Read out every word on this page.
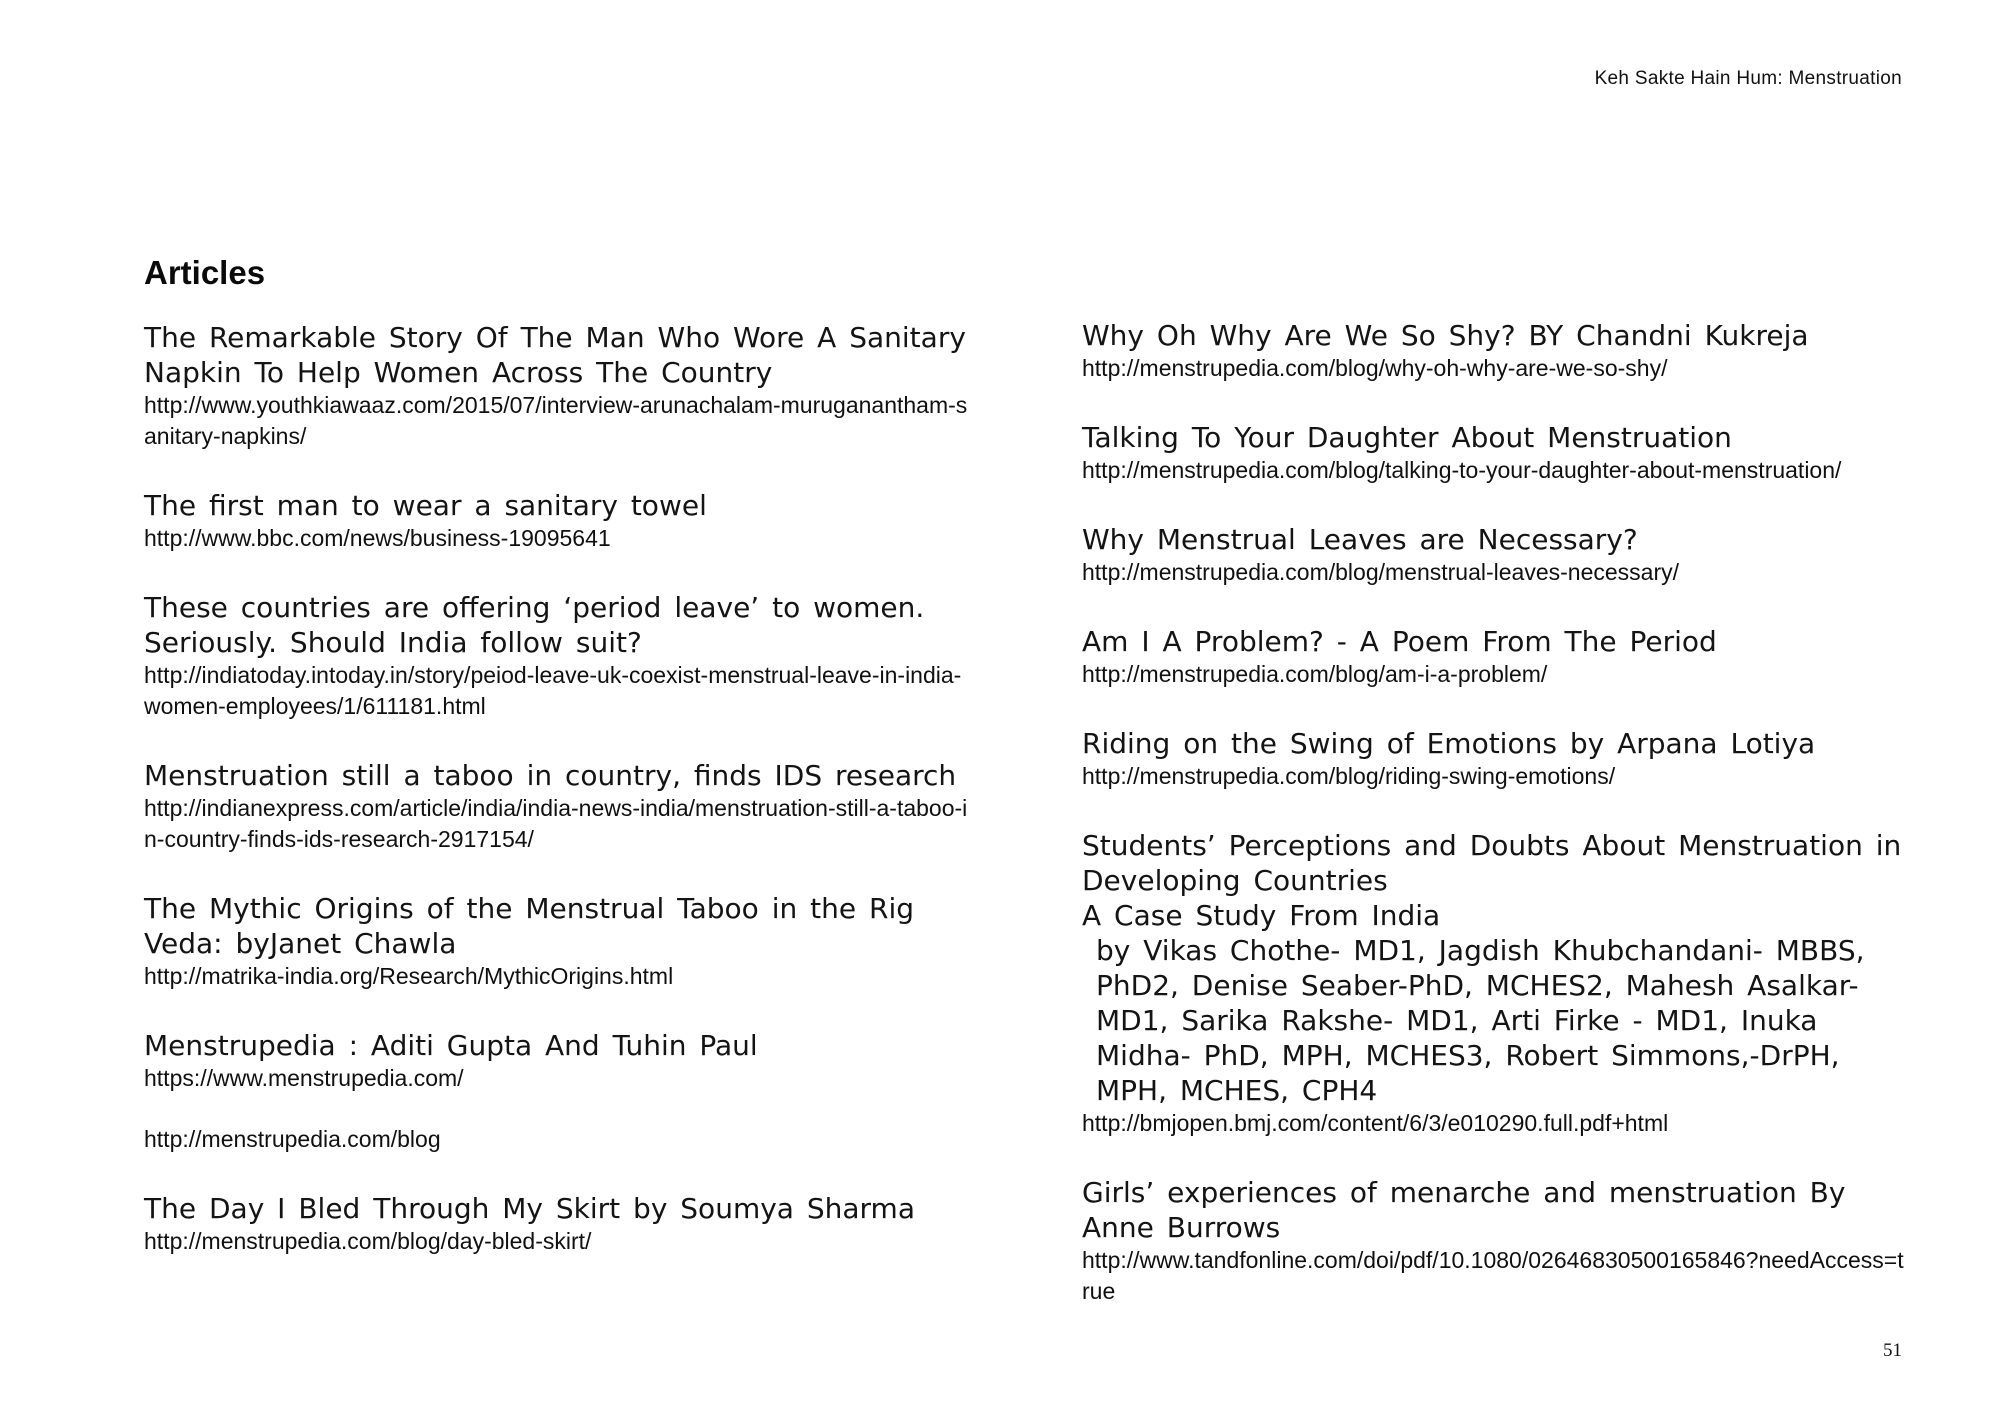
Keh Sakte Hain Hum: Menstruation
Articles
The Remarkable Story Of The Man Who Wore A Sanitary Napkin To Help Women Across The Country
http://www.youthkiawaaz.com/2015/07/interview-arunachalam-muruganantham-sanitary-napkins/
The first man to wear a sanitary towel
http://www.bbc.com/news/business-19095641
These countries are offering ‘period leave’ to women. Seriously. Should India follow suit?
http://indiatoday.intoday.in/story/peiod-leave-uk-coexist-menstrual-leave-in-india-women-employees/1/611181.html
Menstruation still a taboo in country, finds IDS research
http://indianexpress.com/article/india/india-news-india/menstruation-still-a-taboo-in-country-finds-ids-research-2917154/
The Mythic Origins of the Menstrual Taboo in the Rig Veda: byJanet Chawla
http://matrika-india.org/Research/MythicOrigins.html
Menstrupedia : Aditi Gupta And Tuhin Paul
https://www.menstrupedia.com/
http://menstrupedia.com/blog
The Day I Bled Through My Skirt by Soumya Sharma
http://menstrupedia.com/blog/day-bled-skirt/
Why Oh Why Are We So Shy? BY Chandni Kukreja
http://menstrupedia.com/blog/why-oh-why-are-we-so-shy/
Talking To Your Daughter About Menstruation
http://menstrupedia.com/blog/talking-to-your-daughter-about-menstruation/
Why Menstrual Leaves are Necessary?
http://menstrupedia.com/blog/menstrual-leaves-necessary/
Am I A Problem? - A Poem From The Period
http://menstrupedia.com/blog/am-i-a-problem/
Riding on the Swing of Emotions by Arpana Lotiya
http://menstrupedia.com/blog/riding-swing-emotions/
Students’ Perceptions and Doubts About Menstruation in Developing Countries
A Case Study From India
by Vikas Chothe- MD1, Jagdish Khubchandani- MBBS, PhD2, Denise Seaber-PhD, MCHES2, Mahesh Asalkar- MD1, Sarika Rakshe- MD1, Arti Firke - MD1, Inuka Midha- PhD, MPH, MCHES3, Robert Simmons,-DrPH, MPH, MCHES, CPH4
http://bmjopen.bmj.com/content/6/3/e010290.full.pdf+html
Girls’ experiences of menarche and menstruation By Anne Burrows
http://www.tandfonline.com/doi/pdf/10.1080/02646830500165846?needAccess=true
51
